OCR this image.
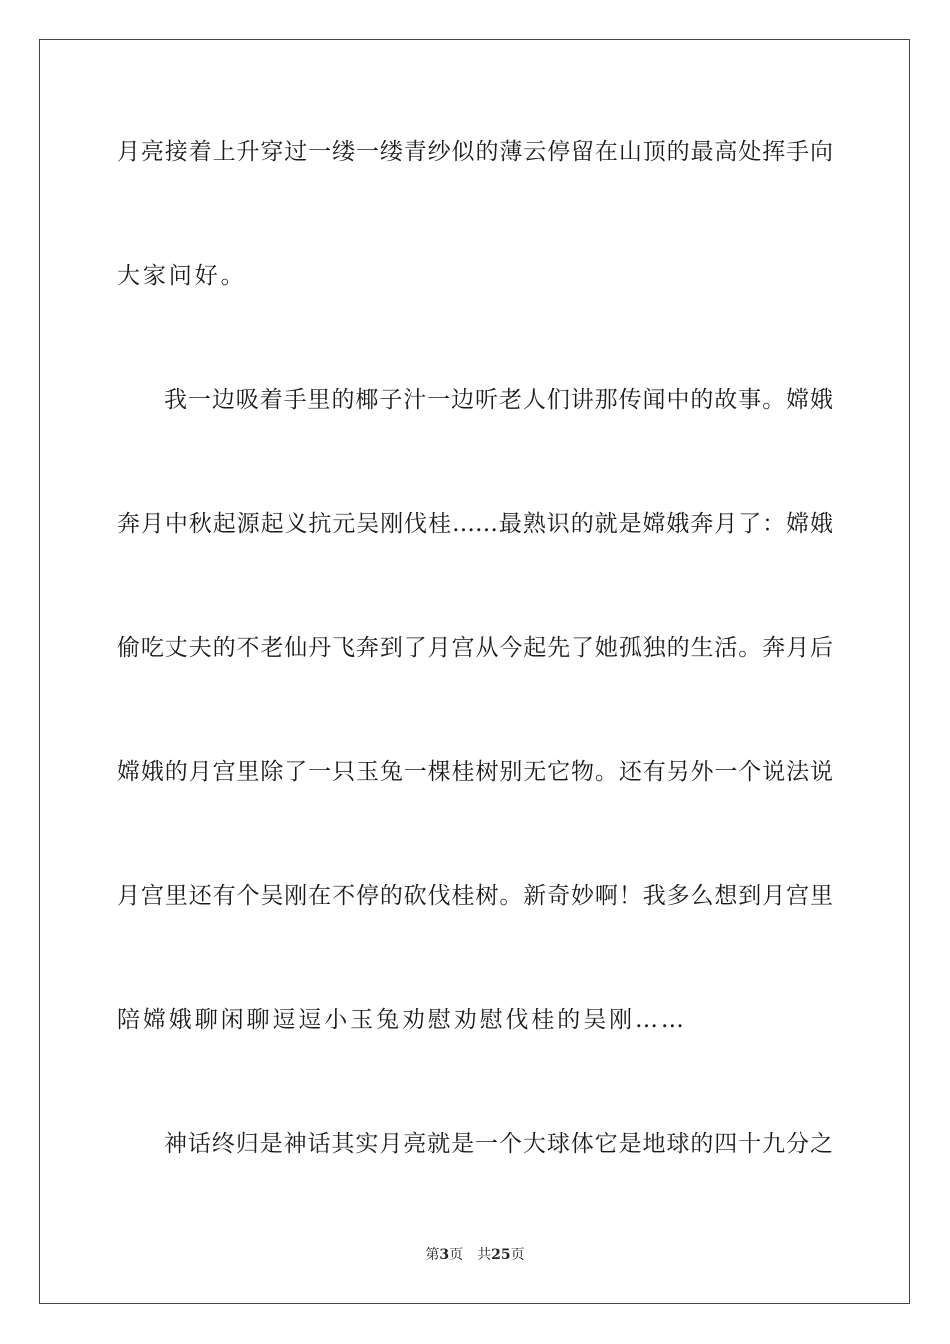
月亮接着上升穿过一缕一缕青纱似的薄云停留在山顶的最高处挥手向
大家问好。
我一边吸着手里的椰子汁一边听老人们讲那传闻中的故事。嫦娥
奔月中秋起源起义抗元吴刚伐桂……最熟识的就是嫦娥奔月了：嫦娥
偷吃丈夫的不老仙丹飞奔到了月宫从今起先了她孤独的生活。奔月后
嫦娥的月宫里除了一只玉兔一棵桂树别无它物。还有另外一个说法说
月宫里还有个吴刚在不停的砍伐桂树。新奇妙啊！我多么想到月宫里
陪嫦娥聊闲聊逗逗小玉兔劝慰劝慰伐桂的吴刚……
神话终归是神话其实月亮就是一个大球体它是地球的四十九分之
第3页 共25页
